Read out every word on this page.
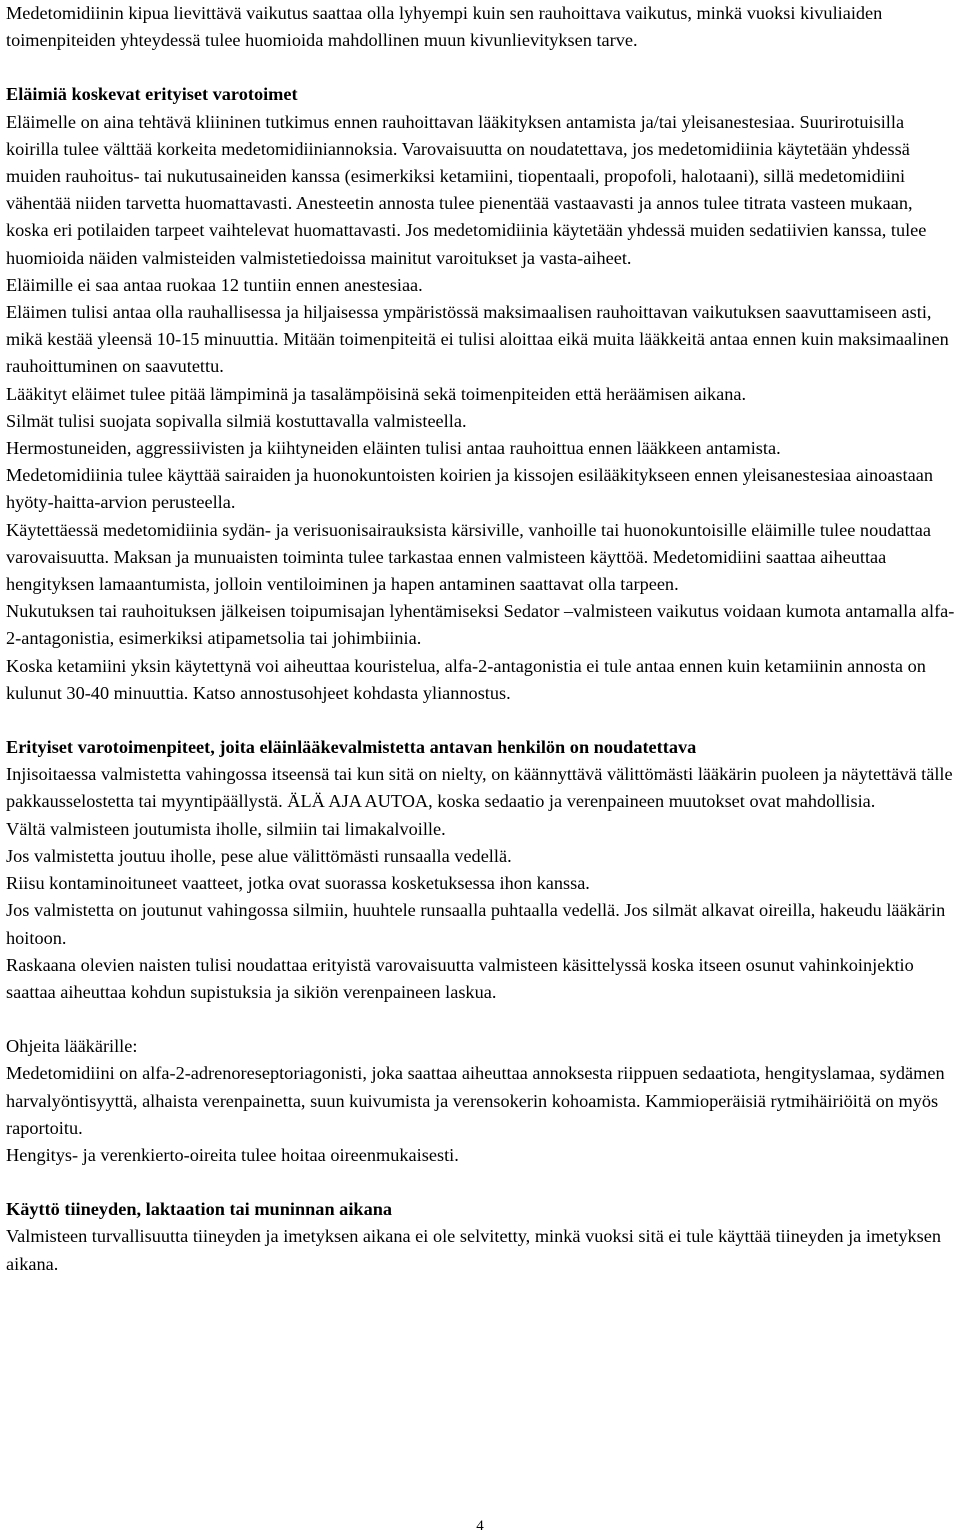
Medetomidiinin kipua lievittävä vaikutus saattaa olla lyhyempi kuin sen rauhoittava vaikutus, minkä vuoksi kivuliaiden toimenpiteiden yhteydessä tulee huomioida mahdollinen muun kivunlievityksen tarve.

Eläimiä koskevat erityiset varotoimet

Eläimelle on aina tehtävä kliininen tutkimus ennen rauhoittavan lääkityksen antamista ja/tai yleisanestesiaa. Suurirotuisilla koirilla tulee välttää korkeita medetomidiiniannoksia. Varovaisuutta on noudatettava, jos medetomidiinia käytetään yhdessä muiden rauhoitus- tai nukutusaineiden kanssa (esimerkiksi ketamiini, tiopentaali, propofoli, halotaani), sillä medetomidiini vähentää niiden tarvetta huomattavasti. Anesteetin annosta tulee pienentää vastaavasti ja annos tulee titrata vasteen mukaan, koska eri potilaiden tarpeet vaihtelevat huomattavasti. Jos medetomidiinia käytetään yhdessä muiden sedatiivien kanssa, tulee huomioida näiden valmisteiden valmistetiedoissa mainitut varoitukset ja vasta-aiheet.

Eläimille ei saa antaa ruokaa 12 tuntiin ennen anestesiaa.

Eläimen tulisi antaa olla rauhallisessa ja hiljaisessa ympäristössä maksimaalisen rauhoittavan vaikutuksen saavuttamiseen asti, mikä kestää yleensä 10-15 minuuttia. Mitään toimenpiteitä ei tulisi aloittaa eikä muita lääkkeitä antaa ennen kuin maksimaalinen rauhoittuminen on saavutettu.

Lääkityt eläimet tulee pitää lämpiminä ja tasalämpöisinä sekä toimenpiteiden että heräämisen aikana.

Silmät tulisi suojata sopivalla silmiä kostuttavalla valmisteella.

Hermostuneiden, aggressiivisten ja kiihtyneiden eläinten tulisi antaa rauhoittua ennen lääkkeen antamista.

Medetomidiinia tulee käyttää sairaiden ja huonokuntoisten koirien ja kissojen esilääkitykseen ennen yleisanestesiaa ainoastaan hyöty-haitta-arvion perusteella.

Käytettäessä medetomidiinia sydän- ja verisuonisairauksista kärsiville, vanhoille tai huonokuntoisille eläimille tulee noudattaa varovaisuutta. Maksan ja munuaisten toiminta tulee tarkastaa ennen valmisteen käyttöä. Medetomidiini saattaa aiheuttaa hengityksen lamaantumista, jolloin ventiloiminen ja hapen antaminen saattavat olla tarpeen.

Nukutuksen tai rauhoituksen jälkeisen toipumisajan lyhentämiseksi Sedator –valmisteen vaikutus voidaan kumota antamalla alfa-2-antagonistia, esimerkiksi atipametsolia tai johimbiinia.

Koska ketamiini yksin käytettynä voi aiheuttaa kouristelua, alfa-2-antagonistia ei tule antaa ennen kuin ketamiinin annosta on kulunut 30-40 minuuttia. Katso annostusohjeet kohdasta yliannostus.

Erityiset varotoimenpiteet, joita eläinlääkevalmistetta antavan henkilön on noudatettava

Injisoitaessa valmistetta vahingossa itseensä tai kun sitä on nielty, on käännyttävä välittömästi lääkärin puoleen ja näytettävä tälle pakkausselostetta tai myyntipäällystä. ÄLÄ AJA AUTOA, koska sedaatio ja verenpaineen muutokset ovat mahdollisia.

Vältä valmisteen joutumista iholle, silmiin tai limakalvoille.

Jos valmistetta joutuu iholle, pese alue välittömästi runsaalla vedellä.

Riisu kontaminoituneet vaatteet, jotka ovat suorassa kosketuksessa ihon kanssa.

Jos valmistetta on joutunut vahingossa silmiin, huuhtele runsaalla puhtaalla vedellä. Jos silmät alkavat oireilla, hakeudu lääkärin hoitoon.

Raskaana olevien naisten tulisi noudattaa erityistä varovaisuutta valmisteen käsittelyssä koska itseen osunut vahinkoinjektio saattaa aiheuttaa kohdun supistuksia ja sikiön verenpaineen laskua.

Ohjeita lääkärille:

Medetomidiini on alfa-2-adrenoreseptoriagonisti, joka saattaa aiheuttaa annoksesta riippuen sedaatiota, hengityslamaa, sydämen harvalyöntisyyttä, alhaista verenpainetta, suun kuivumista ja verensokerin kohoamista. Kammioperäisiä rytmihäiriöitä on myös raportoitu.

Hengitys- ja verenkierto-oireita tulee hoitaa oireenmukaisesti.

Käyttö tiineyden, laktaation tai muninnan aikana

Valmisteen turvallisuutta tiineyden ja imetyksen aikana ei ole selvitetty, minkä vuoksi sitä ei tule käyttää tiineyden ja imetyksen aikana.

4
